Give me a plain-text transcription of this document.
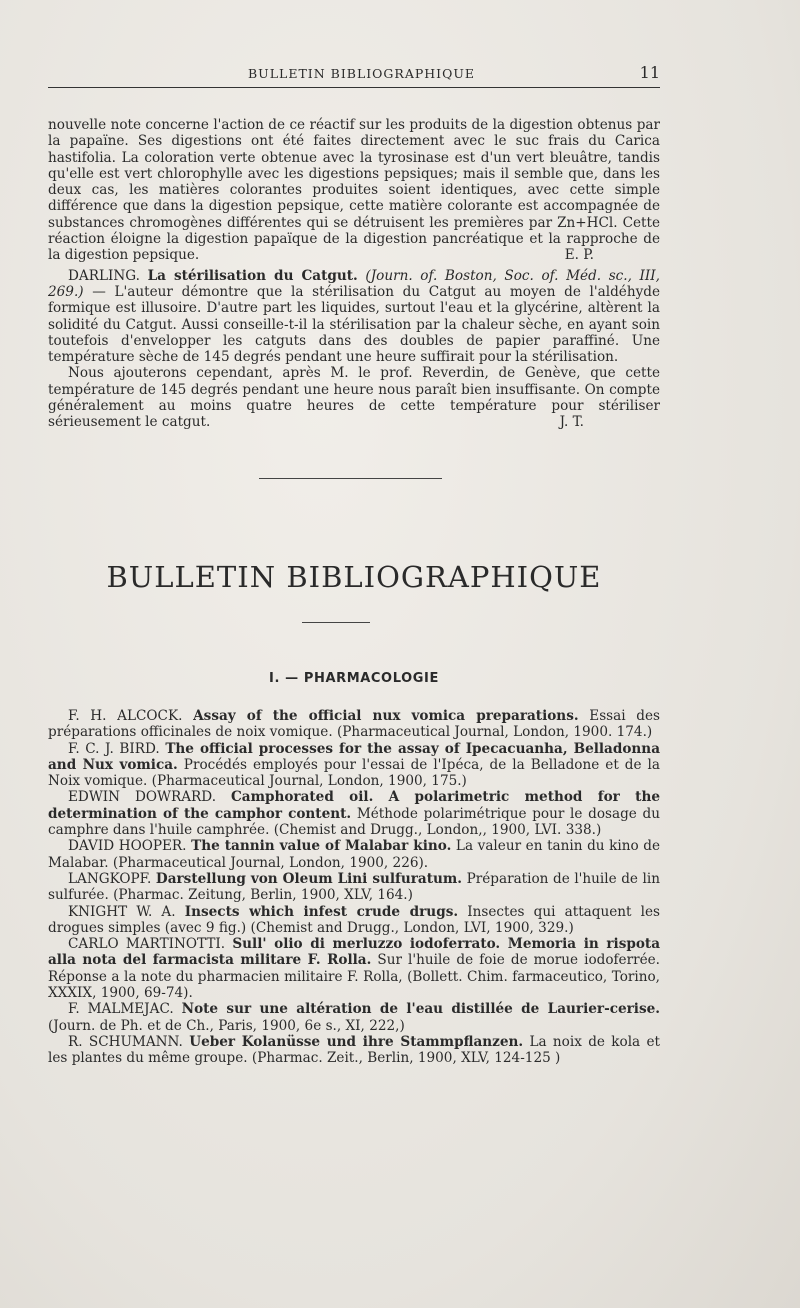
BULLETIN BIBLIOGRAPHIQUE	11

nouvelle note concerne l'action de ce réactif sur les produits de la digestion obtenus par la papaïne. Ses digestions ont été faites directement avec le suc frais du Carica hastifolia. La coloration verte obtenue avec la tyrosinase est d'un vert bleuâtre, tandis qu'elle est vert chlorophylle avec les digestions pepsiques; mais il semble que, dans les deux cas, les matières colorantes produites soient identiques, avec cette simple différence que dans la digestion pepsique, cette matière colorante est accompagnée de substances chromogènes différentes qui se détruisent les premières par Zn+HCl. Cette réaction éloigne la digestion papaïque de la digestion pancréatique et la rapproche de la digestion pepsique.	E. P.

DARLING. La stérilisation du Catgut. (Journ. of. Boston, Soc. of. Méd. sc., III, 269.) — L'auteur démontre que la stérilisation du Catgut au moyen de l'aldéhyde formique est illusoire. D'autre part les liquides, surtout l'eau et la glycérine, altèrent la solidité du Catgut. Aussi conseille-t-il la stérilisation par la chaleur sèche, en ayant soin toutefois d'envelopper les catguts dans des doubles de papier paraffiné. Une température sèche de 145 degrés pendant une heure suffirait pour la stérilisation.

Nous ajouterons cependant, après M. le prof. Reverdin, de Genève, que cette température de 145 degrés pendant une heure nous paraît bien insuffisante. On compte généralement au moins quatre heures de cette température pour stériliser sérieusement le catgut.	J. T.

BULLETIN BIBLIOGRAPHIQUE
I. — PHARMACOLOGIE

F. H. ALCOCK. Assay of the official nux vomica preparations. Essai des préparations officinales de noix vomique. (Pharmaceutical Journal, London, 1900. 174.)

F. C. J. BIRD. The official processes for the assay of Ipecacuanha, Belladonna and Nux vomica. Procédés employés pour l'essai de l'Ipéca, de la Belladone et de la Noix vomique. (Pharmaceutical Journal, London, 1900, 175.)

EDWIN DOWRARD. Camphorated oil. A polarimetric method for the determination of the camphor content. Méthode polarimétrique pour le dosage du camphre dans l'huile camphrée. (Chemist and Drugg., London,, 1900, LVI. 338.)

DAVID HOOPER. The tannin value of Malabar kino. La valeur en tanin du kino de Malabar. (Pharmaceutical Journal, London, 1900, 226).

LANGKOPF. Darstellung von Oleum Lini sulfuratum. Préparation de l'huile de lin sulfurée. (Pharmac. Zeitung, Berlin, 1900, XLV, 164.)

KNIGHT W. A. Insects which infest crude drugs. Insectes qui attaquent les drogues simples (avec 9 fig.) (Chemist and Drugg., London, LVI, 1900, 329.)

CARLO MARTINOTTI. Sull' olio di merluzzo iodoferrato. Memoria in rispota alla nota del farmacista militare F. Rolla. Sur l'huile de foie de morue iodoferrée. Réponse a la note du pharmacien militaire F. Rolla, (Bollett. Chim. farmaceutico, Torino, XXXIX, 1900, 69-74).

F. MALMEJAC. Note sur une altération de l'eau distillée de Laurier-cerise. (Journ. de Ph. et de Ch., Paris, 1900, 6e s., XI, 222,)

R. SCHUMANN. Ueber Kolanüsse und ihre Stammpflanzen. La noix de kola et les plantes du même groupe. (Pharmac. Zeit., Berlin, 1900, XLV, 124-125 )
